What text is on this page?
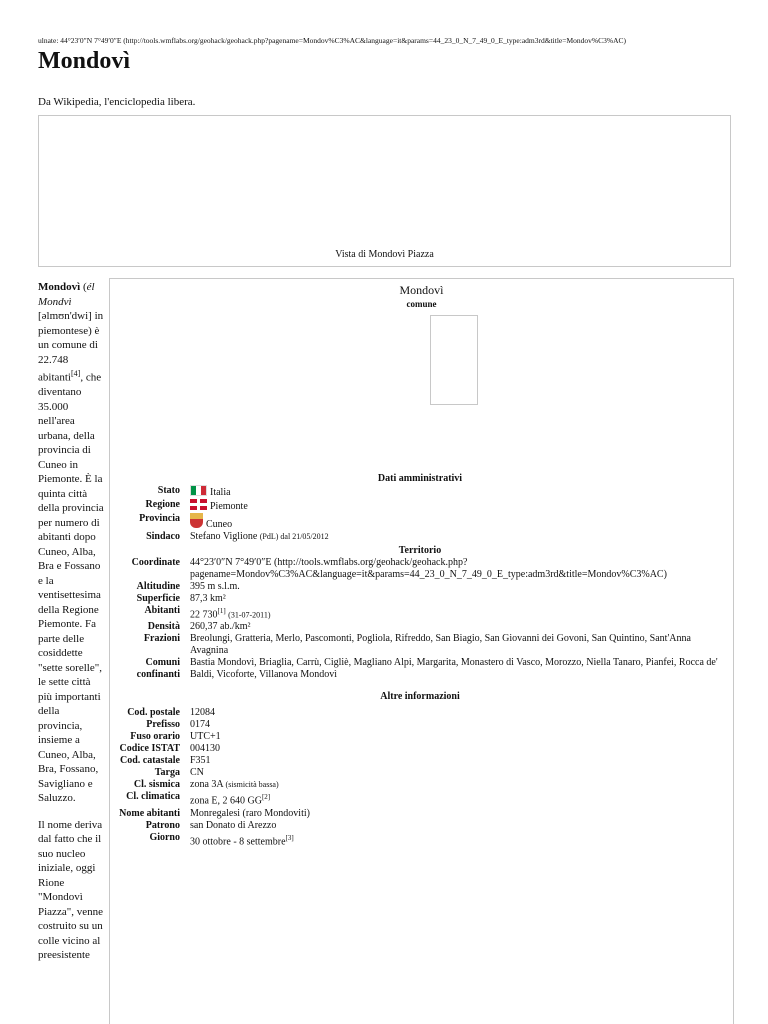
ulnate: 44°23′0″N 7°49′0″E (http://tools.wmflabs.org/geohack/geohack.php?pagename=Mondov%C3%AC&language=it&params=44_23_0_N_7_49_0_E_type:adm3rd&title=Mondov%C3%AC)
Mondovì
Da Wikipedia, l'enciclopedia libera.
Vista di Mondovì Piazza

Mondovì (él Mondvì [əlmʊn'dwi] in piemontese) è un comune di 22.748 abitanti[4], che diventano 35.000 nell'area urbana, della provincia di Cuneo in Piemonte. È la quinta città della provincia per numero di abitanti dopo Cuneo, Alba, Bra e Fossano e la ventisettesima della Regione Piemonte. Fa parte delle cosiddette "sette sorelle", le sette città più importanti della provincia, insieme a Cuneo, Alba, Bra, Fossano, Savigliano e Saluzzo.

Il nome deriva dal fatto che il suo nucleo iniziale, oggi Rione "Mondovì Piazza", venne costruito su un colle vicino al preesistente

Mondovì
comune
Dati amministrativi	
Stato	Italia
Regione	Piemonte
Provincia	Cuneo
Sindaco	Stefano Viglione (PdL) dal 21/05/2012
Territorio	
Coordinate	44°23′0″N 7°49′0″E (http://tools.wmflabs.org/geohack/geohack.php?pagename=Mondov%C3%AC&language=it&params=44_23_0_N_7_49_0_E_type:adm3rd&title=Mondov%C3%AC)
Altitudine	395 m s.l.m.
Superficie	87,3 km²
Abitanti	22 730[1] (31-07-2011)
Densità	260,37 ab./km²
Frazioni	Breolungi, Gratteria, Merlo, Pascomonti, Pogliola, Rifreddo, San Biagio, San Giovanni dei Govoni, San Quintino, Sant'Anna Avagnina
Comuni confinanti	Bastia Mondovì, Briaglia, Carrù, Cigliè, Magliano Alpi, Margarita, Monastero di Vasco, Morozzo, Niella Tanaro, Pianfei, Rocca de' Baldi, Vicoforte, Villanova Mondovì
Altre informazioni	
Cod. postale	12084
Prefisso	0174
Fuso orario	UTC+1
Codice ISTAT	004130
Cod. catastale	F351
Targa	CN
Cl. sismica	zona 3A (sismicità bassa)
Cl. climatica	zona E, 2 640 GG[2]
Nome abitanti	Monregalesi (raro Mondoviti)
Patrono	san Donato di Arezzo
Giorno	30 ottobre - 8 settembre[3]
